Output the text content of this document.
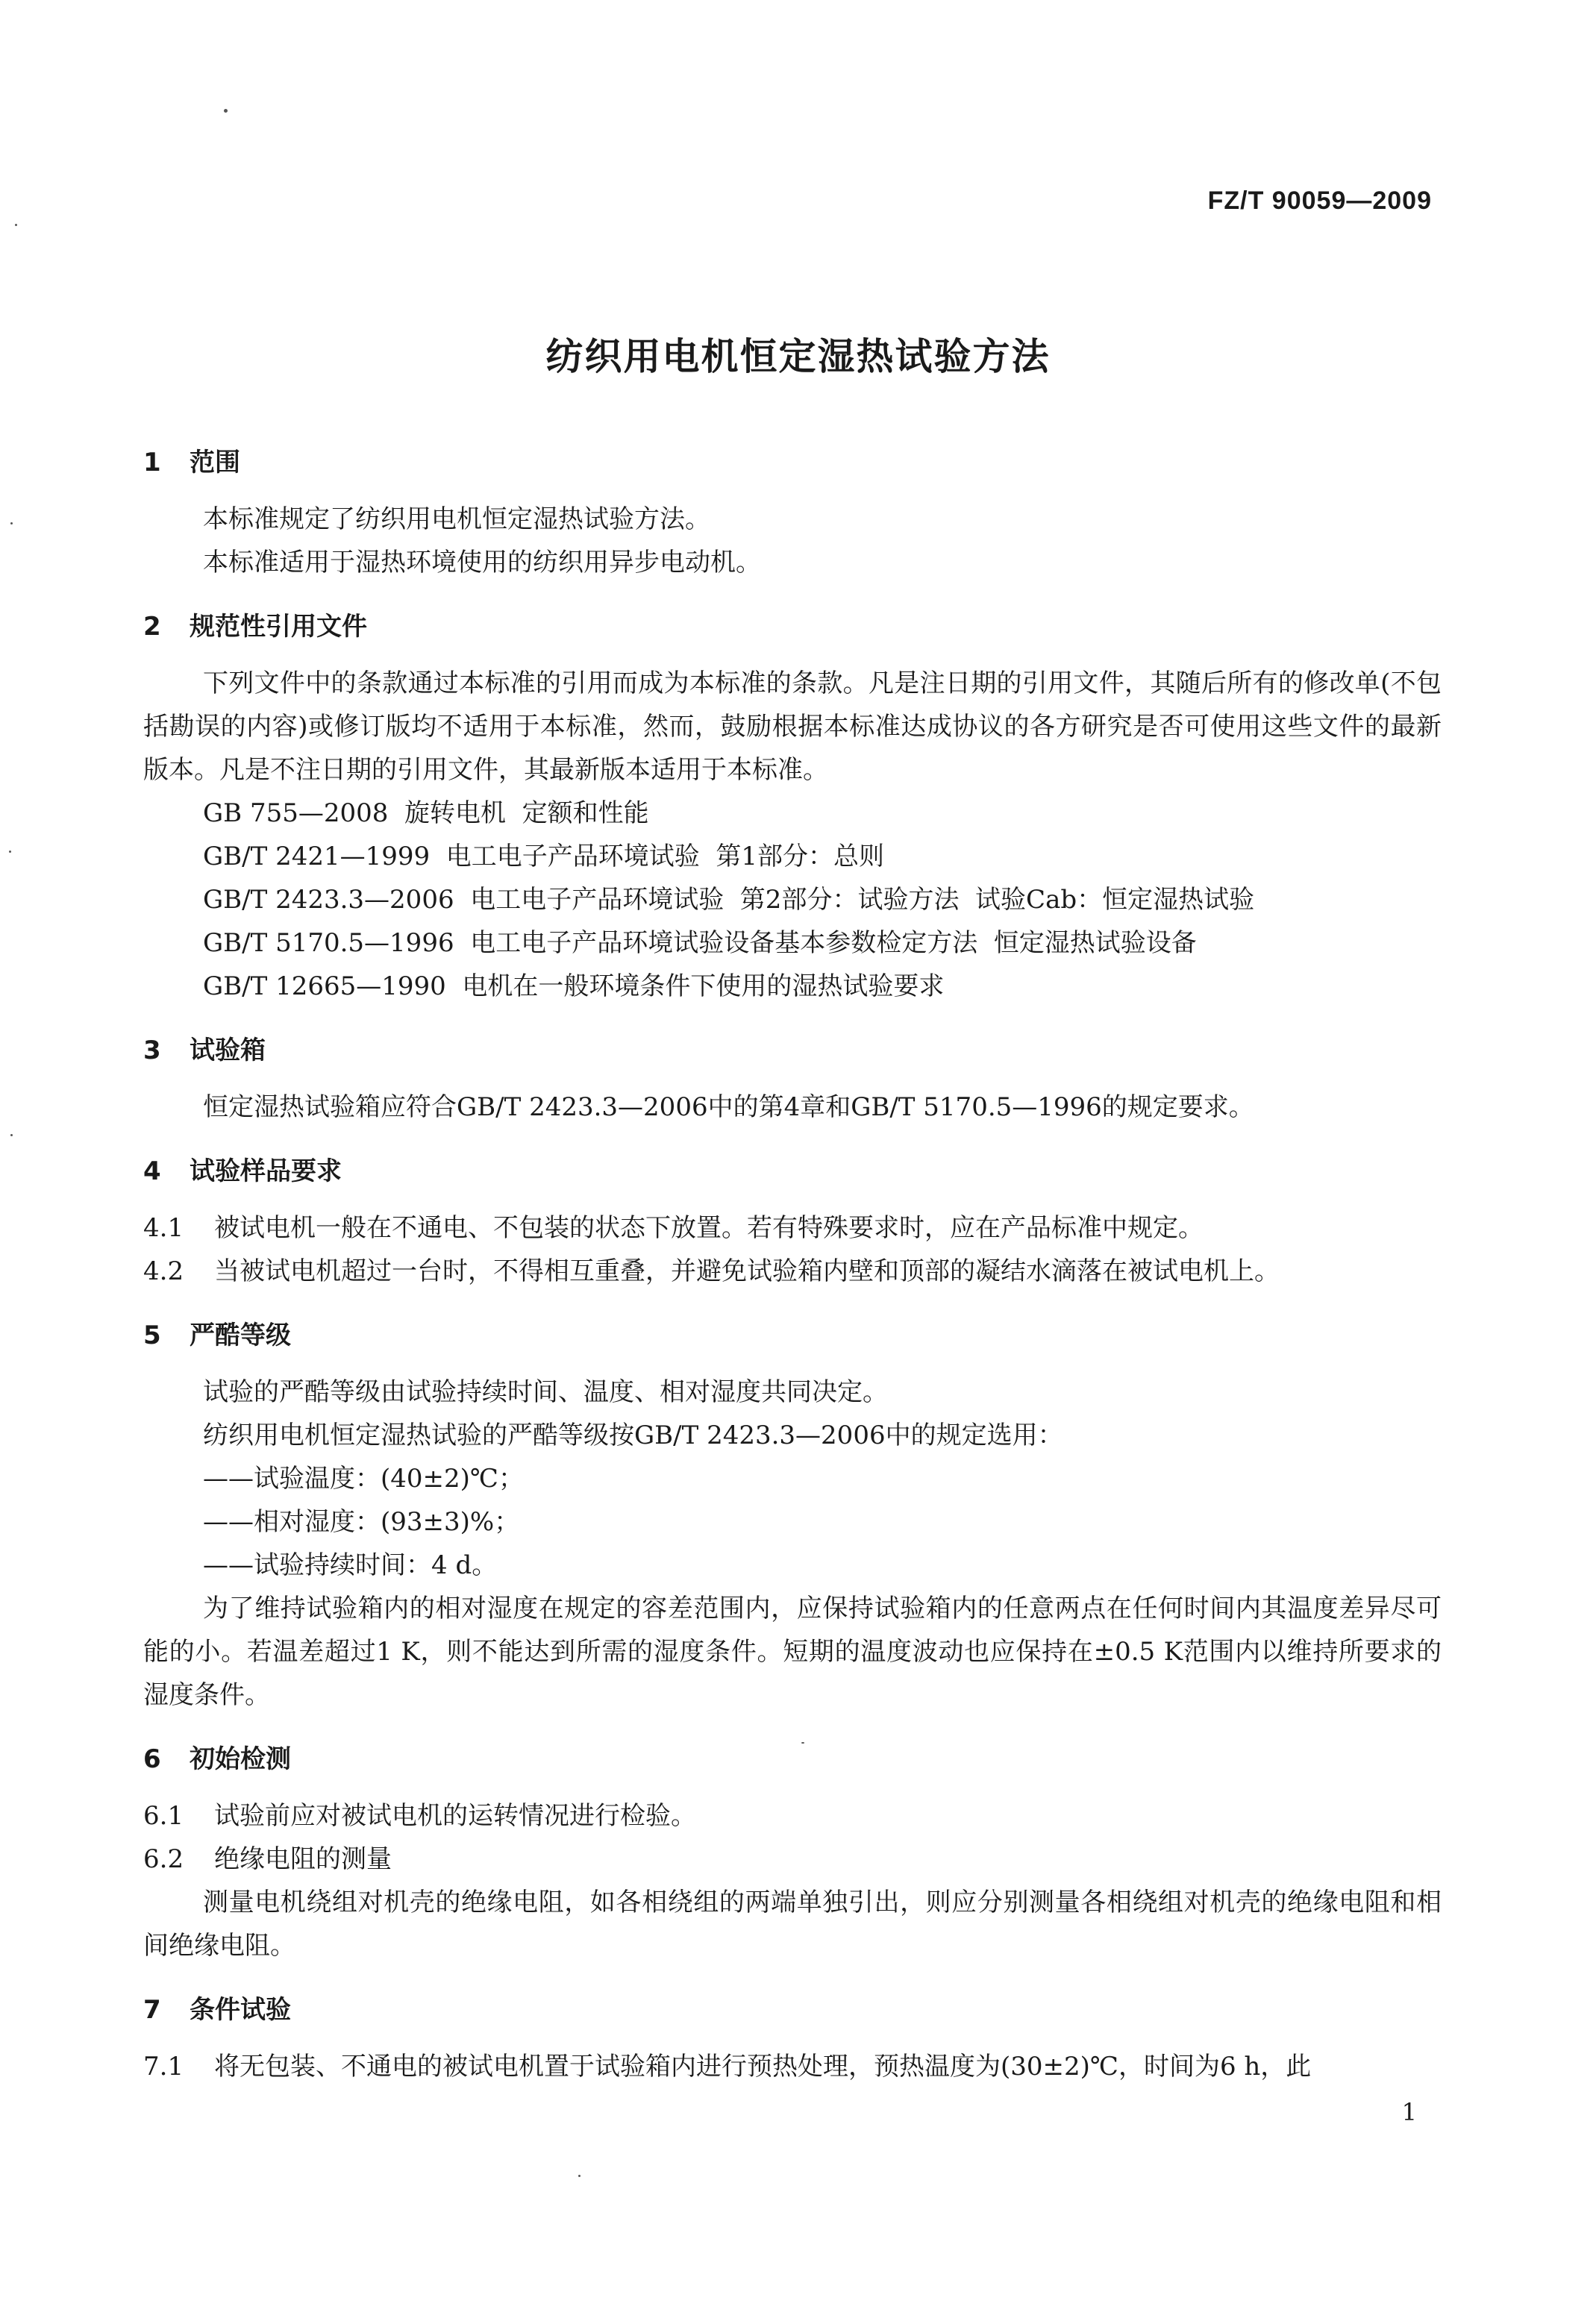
FZ/T 90059—2009
纺织用电机恒定湿热试验方法
1 范围
本标准规定了纺织用电机恒定湿热试验方法。
本标准适用于湿热环境使用的纺织用异步电动机。
2 规范性引用文件
下列文件中的条款通过本标准的引用而成为本标准的条款。凡是注日期的引用文件，其随后所有的修改单(不包括勘误的内容)或修订版均不适用于本标准，然而，鼓励根据本标准达成协议的各方研究是否可使用这些文件的最新版本。凡是不注日期的引用文件，其最新版本适用于本标准。
GB 755—2008  旋转电机  定额和性能
GB/T 2421—1999  电工电子产品环境试验  第1部分：总则
GB/T 2423.3—2006  电工电子产品环境试验  第2部分：试验方法  试验Cab：恒定湿热试验
GB/T 5170.5—1996  电工电子产品环境试验设备基本参数检定方法  恒定湿热试验设备
GB/T 12665—1990  电机在一般环境条件下使用的湿热试验要求
3 试验箱
恒定湿热试验箱应符合GB/T 2423.3—2006中的第4章和GB/T 5170.5—1996的规定要求。
4 试验样品要求
4.1 被试电机一般在不通电、不包装的状态下放置。若有特殊要求时，应在产品标准中规定。
4.2 当被试电机超过一台时，不得相互重叠，并避免试验箱内壁和顶部的凝结水滴落在被试电机上。
5 严酷等级
试验的严酷等级由试验持续时间、温度、相对湿度共同决定。
纺织用电机恒定湿热试验的严酷等级按GB/T 2423.3—2006中的规定选用：
——试验温度：(40±2)℃；
——相对湿度：(93±3)%；
——试验持续时间：4 d。
为了维持试验箱内的相对湿度在规定的容差范围内，应保持试验箱内的任意两点在任何时间内其温度差异尽可能的小。若温差超过1 K，则不能达到所需的湿度条件。短期的温度波动也应保持在±0.5 K范围内以维持所要求的湿度条件。
6 初始检测
6.1 试验前应对被试电机的运转情况进行检验。
6.2 绝缘电阻的测量
测量电机绕组对机壳的绝缘电阻，如各相绕组的两端单独引出，则应分别测量各相绕组对机壳的绝缘电阻和相间绝缘电阻。
7 条件试验
7.1 将无包装、不通电的被试电机置于试验箱内进行预热处理，预热温度为(30±2)℃，时间为6 h，此
1
